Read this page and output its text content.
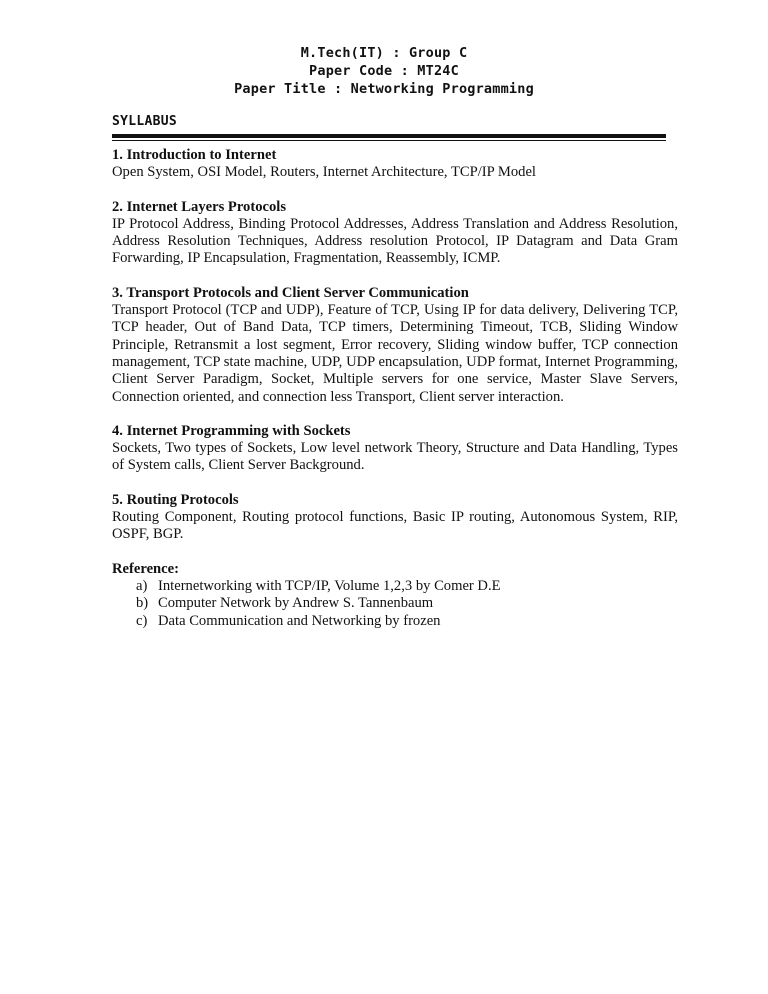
M.Tech(IT) : Group C
Paper Code : MT24C
Paper Title : Networking Programming
SYLLABUS
1. Introduction to Internet
Open System, OSI Model, Routers, Internet Architecture, TCP/IP Model
2. Internet Layers Protocols
IP Protocol Address, Binding Protocol Addresses, Address Translation and Address Resolution, Address Resolution Techniques, Address resolution Protocol, IP Datagram and Data Gram Forwarding, IP Encapsulation, Fragmentation, Reassembly, ICMP.
3. Transport Protocols and Client Server Communication
Transport Protocol (TCP and UDP), Feature of TCP, Using IP for data delivery, Delivering TCP, TCP header, Out of Band Data, TCP timers, Determining Timeout, TCB, Sliding Window Principle, Retransmit a lost segment, Error recovery, Sliding window buffer, TCP connection management, TCP state machine, UDP, UDP encapsulation, UDP format, Internet Programming, Client Server Paradigm, Socket, Multiple servers for one service, Master Slave Servers, Connection oriented, and connection less Transport, Client server interaction.
4. Internet Programming with Sockets
Sockets, Two types of Sockets, Low level network Theory, Structure and Data Handling, Types of System calls, Client Server Background.
5. Routing Protocols
Routing Component, Routing protocol functions, Basic IP routing, Autonomous System, RIP, OSPF, BGP.
Reference:
a) Internetworking with TCP/IP, Volume 1,2,3 by Comer D.E
b) Computer Network by Andrew S. Tannenbaum
c) Data Communication and Networking by frozen
